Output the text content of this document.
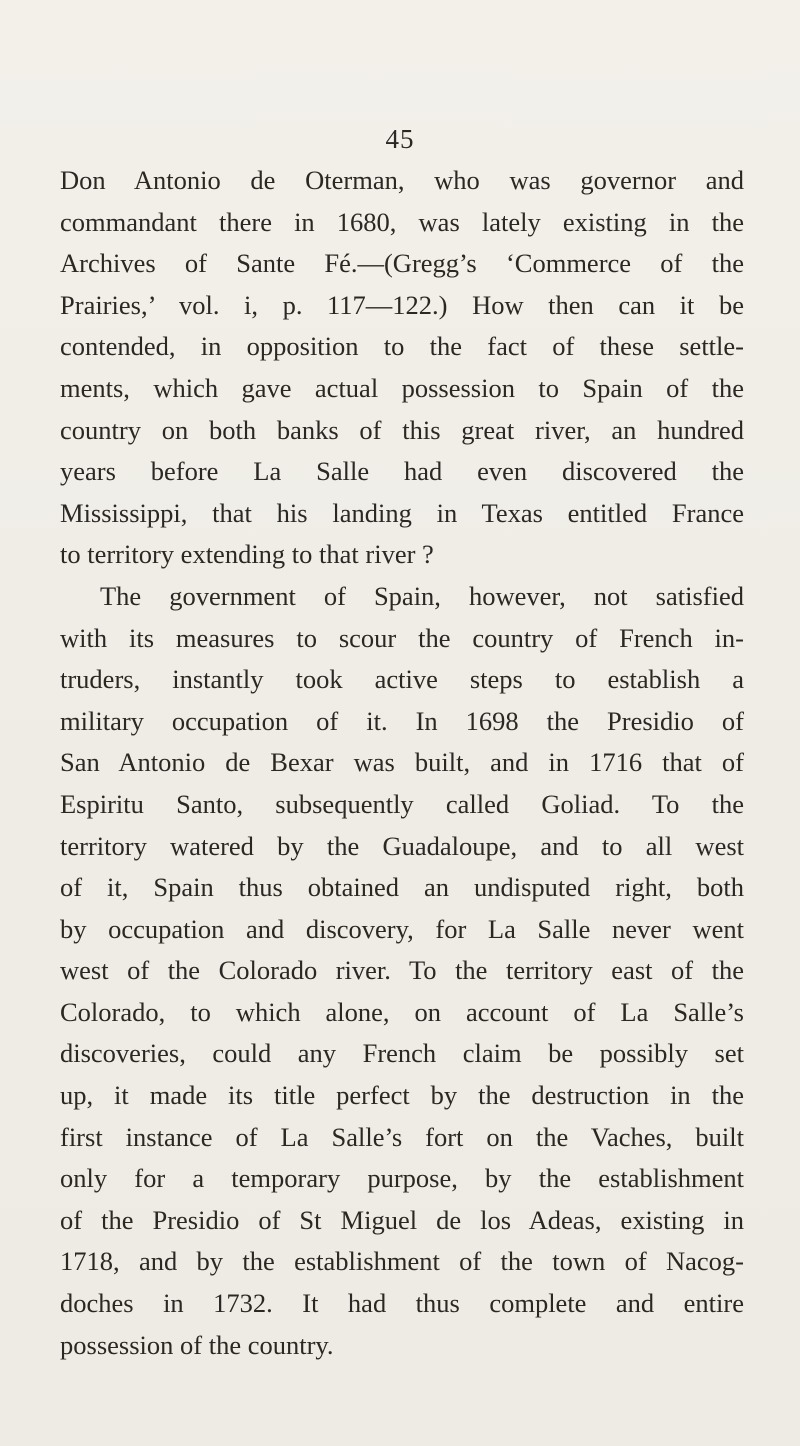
45
Don Antonio de Oterman, who was governor and
commandant there in 1680, was lately existing in the
Archives of Sante Fé.—(Gregg’s ‘Commerce of the
Prairies,’ vol. i, p. 117—122.) How then can it be
contended, in opposition to the fact of these settle-
ments, which gave actual possession to Spain of the
country on both banks of this great river, an hundred
years before La Salle had even discovered the
Mississippi, that his landing in Texas entitled France
to territory extending to that river ?
The government of Spain, however, not satisfied
with its measures to scour the country of French in-
truders, instantly took active steps to establish a
military occupation of it. In 1698 the Presidio of
San Antonio de Bexar was built, and in 1716 that of
Espiritu Santo, subsequently called Goliad. To the
territory watered by the Guadaloupe, and to all west
of it, Spain thus obtained an undisputed right, both
by occupation and discovery, for La Salle never went
west of the Colorado river. To the territory east of the
Colorado, to which alone, on account of La Salle’s
discoveries, could any French claim be possibly set
up, it made its title perfect by the destruction in the
first instance of La Salle’s fort on the Vaches, built
only for a temporary purpose, by the establishment
of the Presidio of St Miguel de los Adeas, existing in
1718, and by the establishment of the town of Nacog-
doches in 1732. It had thus complete and entire
possession of the country.
